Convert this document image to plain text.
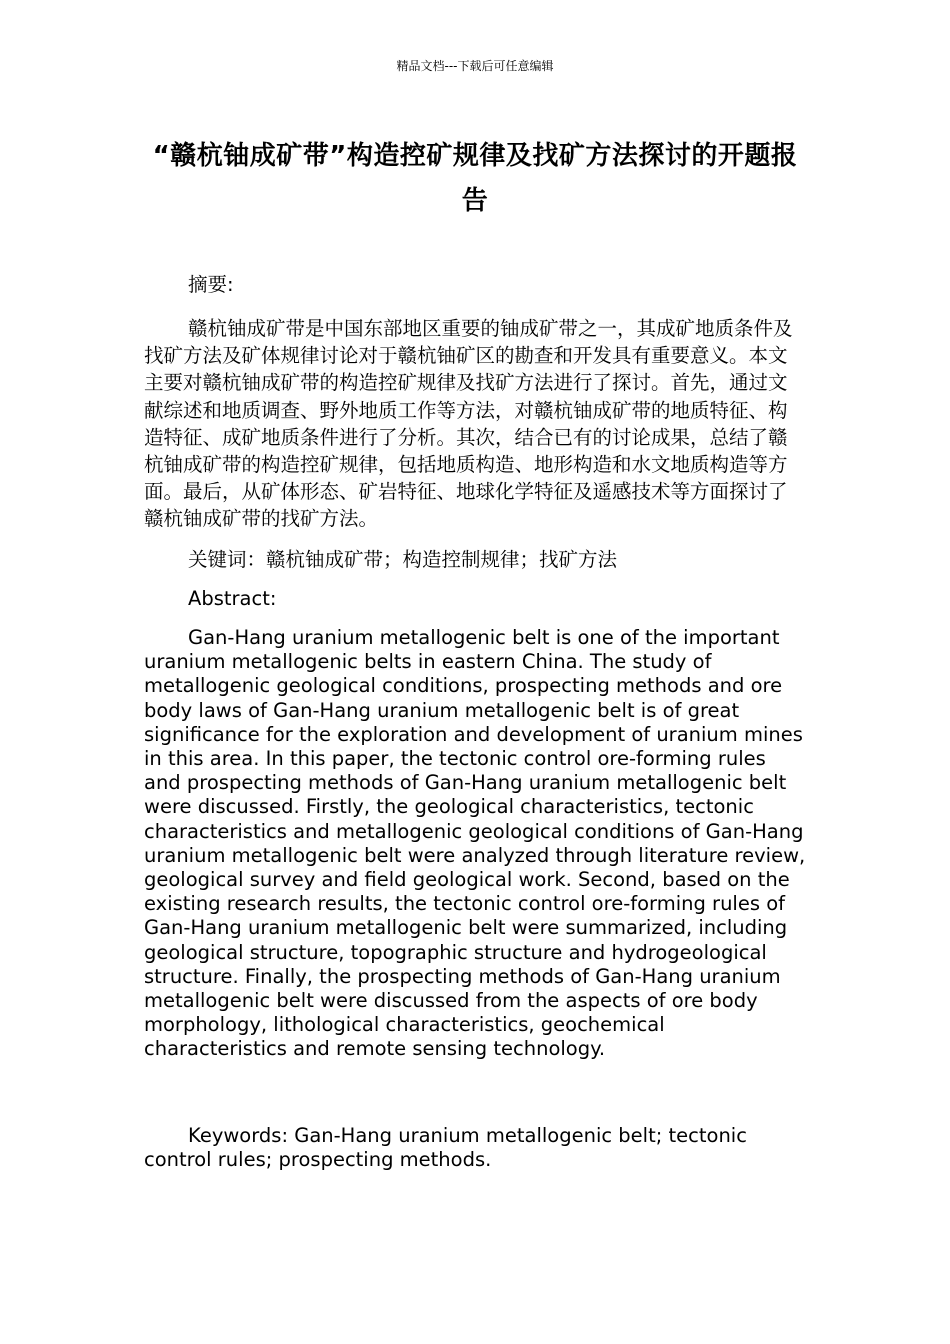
精品文档---下载后可任意编辑
“赣杭铀成矿带”构造控矿规律及找矿方法探讨的开题报告

摘要:

赣杭铀成矿带是中国东部地区重要的铀成矿带之一，其成矿地质条件及找矿方法及矿体规律讨论对于赣杭铀矿区的勘查和开发具有重要意义。本文主要对赣杭铀成矿带的构造控矿规律及找矿方法进行了探讨。首先，通过文献综述和地质调查、野外地质工作等方法，对赣杭铀成矿带的地质特征、构造特征、成矿地质条件进行了分析。其次，结合已有的讨论成果，总结了赣杭铀成矿带的构造控矿规律，包括地质构造、地形构造和水文地质构造等方面。最后，从矿体形态、矿岩特征、地球化学特征及遥感技术等方面探讨了赣杭铀成矿带的找矿方法。

关键词：赣杭铀成矿带；构造控制规律；找矿方法

Abstract:

Gan-Hang uranium metallogenic belt is one of the important uranium metallogenic belts in eastern China. The study of metallogenic geological conditions, prospecting methods and ore body laws of Gan-Hang uranium metallogenic belt is of great significance for the exploration and development of uranium mines in this area. In this paper, the tectonic control ore-forming rules and prospecting methods of Gan-Hang uranium metallogenic belt were discussed. Firstly, the geological characteristics, tectonic characteristics and metallogenic geological conditions of Gan-Hang uranium metallogenic belt were analyzed through literature review, geological survey and field geological work. Second, based on the existing research results, the tectonic control ore-forming rules of Gan-Hang uranium metallogenic belt were summarized, including geological structure, topographic structure and hydrogeological structure. Finally, the prospecting methods of Gan-Hang uranium metallogenic belt were discussed from the aspects of ore body morphology, lithological characteristics, geochemical characteristics and remote sensing technology.

Keywords: Gan-Hang uranium metallogenic belt; tectonic control rules; prospecting methods.
